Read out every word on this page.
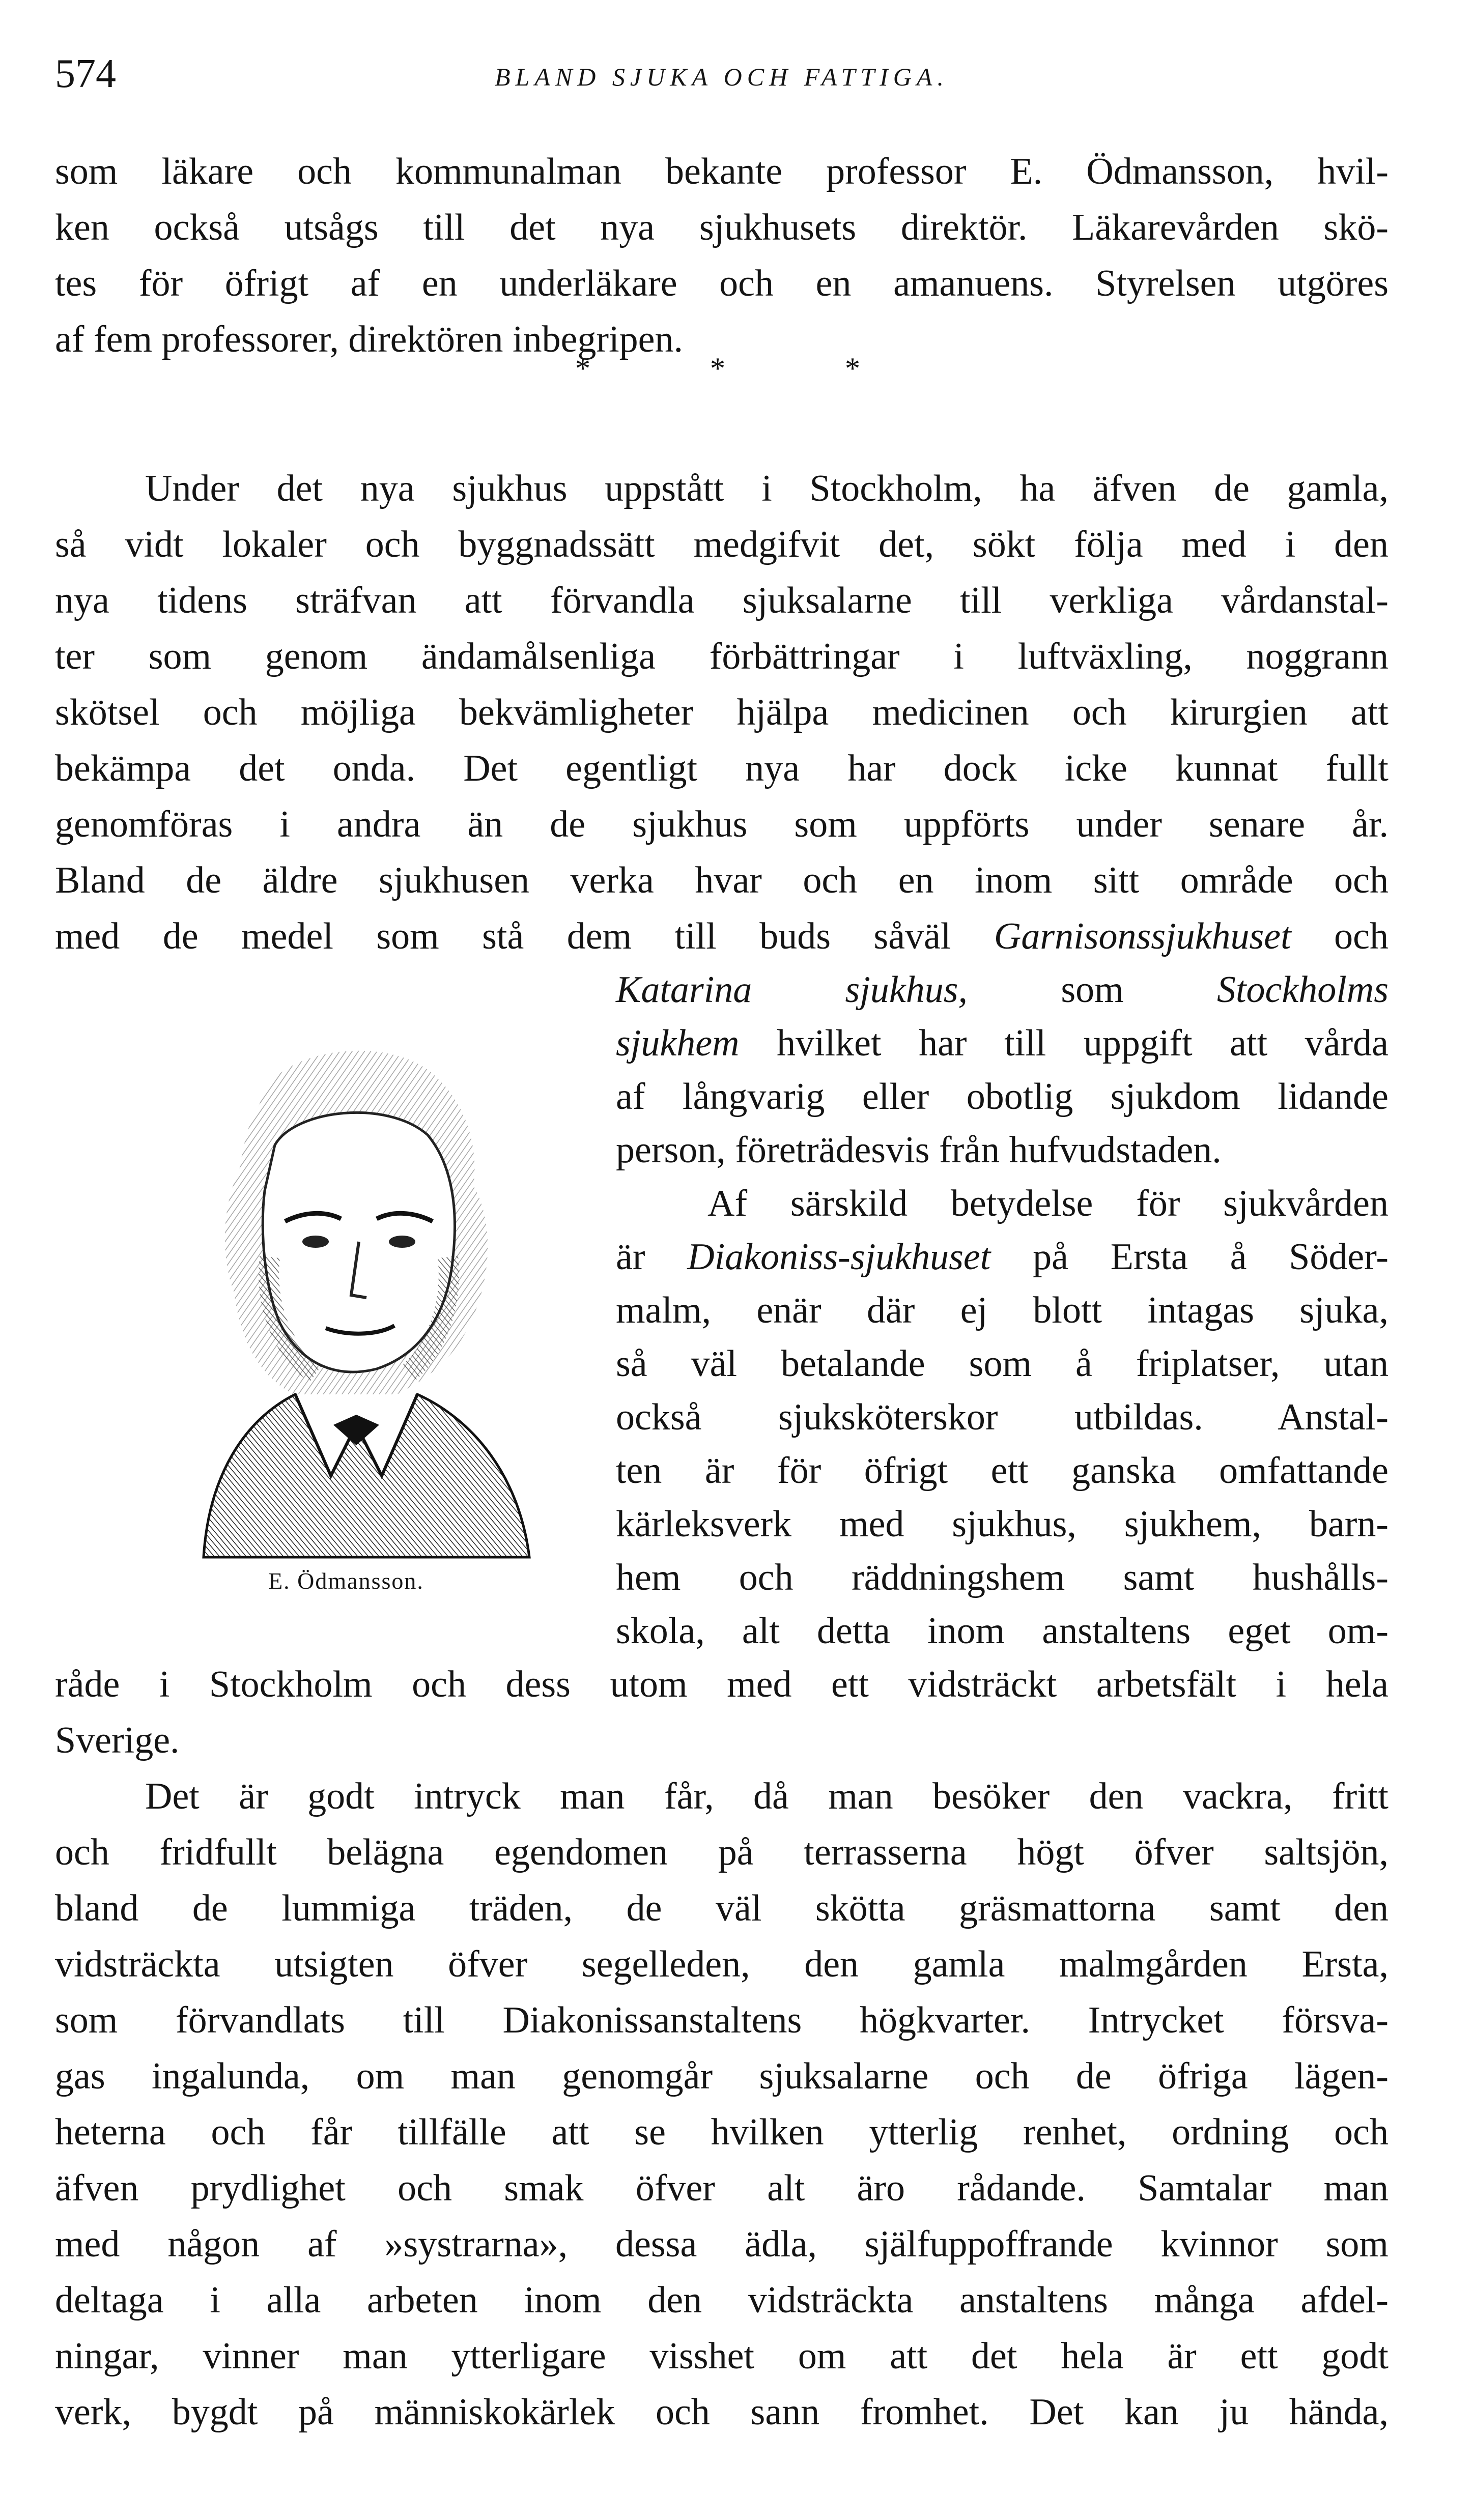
574	BLAND SJUKA OCH FATTIGA.
som läkare och kommunalman bekante professor E. Ödmansson, hvil-
ken också utsågs till det nya sjukhusets direktör. Läkarevården skö-
tes för öfrigt af en underläkare och en amanuens. Styrelsen utgöres
af fem professorer, direktören inbegripen.
*	*	*
Under det nya sjukhus uppstått i Stockholm, ha äfven de gamla,
så vidt lokaler och byggnadssätt medgifvit det, sökt följa med i den
nya tidens sträfvan att förvandla sjuksalarne till verkliga vårdanstal-
ter som genom ändamålsenliga förbättringar i luftväxling, noggrann
skötsel och möjliga bekvämligheter hjälpa medicinen och kirurgien att
bekämpa det onda. Det egentligt nya har dock icke kunnat fullt
genomföras i andra än de sjukhus som uppförts under senare år.
Bland de äldre sjukhusen verka hvar och en inom sitt område och
med de medel som stå dem till buds såväl Garnisonssjukhuset och
Katarina sjukhus, som Stockholms
sjukhem hvilket har till uppgift att vårda
af långvarig eller obotlig sjukdom lidande
person, företrädesvis från hufvudstaden.
Af särskild betydelse för sjukvården
är Diakoniss-sjukhuset på Ersta å Söder-
malm, enär där ej blott intagas sjuka,
så väl betalande som å friplatser, utan
också sjuksköterskor utbildas. Anstal-
ten är för öfrigt ett ganska omfattande
kärleksverk med sjukhus, sjukhem, barn-
hem och räddningshem samt hushålls-
skola, alt detta inom anstaltens eget om-
råde i Stockholm och dess utom med ett vidsträckt arbetsfält i hela
Sverige.
E. Ödmansson.
Det är godt intryck man får, då man besöker den vackra, fritt
och fridfullt belägna egendomen på terrasserna högt öfver saltsjön,
bland de lummiga träden, de väl skötta gräsmattorna samt den
vidsträckta utsigten öfver segelleden, den gamla malmgården Ersta,
som förvandlats till Diakonissanstaltens högkvarter. Intrycket försva-
gas ingalunda, om man genomgår sjuksalarne och de öfriga lägen-
heterna och får tillfälle att se hvilken ytterlig renhet, ordning och
äfven prydlighet och smak öfver alt äro rådande. Samtalar man
med någon af »systrarna», dessa ädla, själfuppoffrande kvinnor som
deltaga i alla arbeten inom den vidsträckta anstaltens många afdel-
ningar, vinner man ytterligare visshet om att det hela är ett godt
verk, bygdt på människokärlek och sann fromhet. Det kan ju hända,
